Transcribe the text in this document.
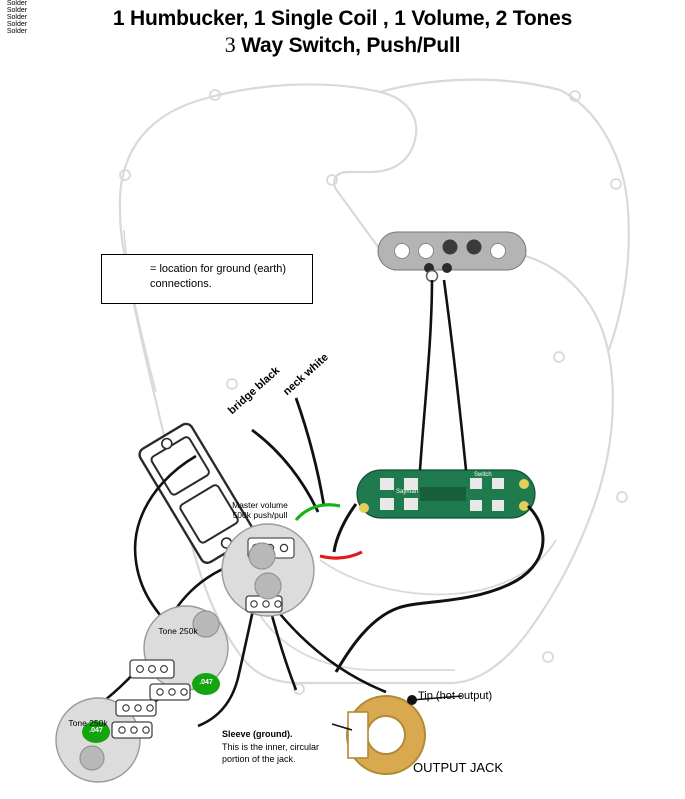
1 Humbucker, 1 Single Coil , 1 Volume, 2 Tones
3 Way Switch, Push/Pull
Solder
= location for ground (earth) connections.
bridge black
neck white
Master volume 500k push/pull
Tone 250k
Tone 250k
.047
.047
Solder
Solder
Solder
Solder
Sayman
Switch
Tip (hot output)
Sleeve (ground).
This is the inner, circular portion of the jack.
OUTPUT JACK
